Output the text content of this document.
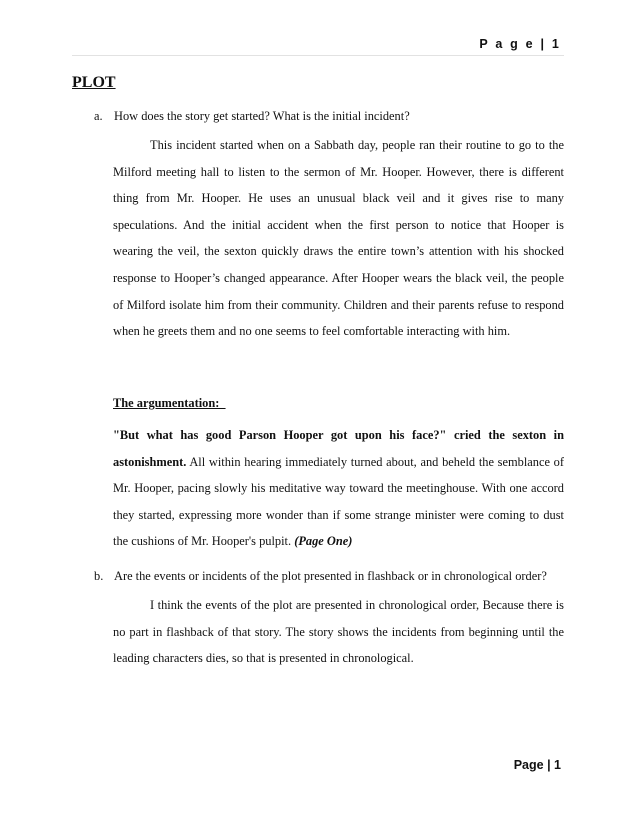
P a g e | 1
PLOT
a. How does the story get started? What is the initial incident?

This incident started when on a Sabbath day, people ran their routine to go to the Milford meeting hall to listen to the sermon of Mr. Hooper. However, there is different thing from Mr. Hooper. He uses an unusual black veil and it gives rise to many speculations. And the initial accident when the first person to notice that Hooper is wearing the veil, the sexton quickly draws the entire town’s attention with his shocked response to Hooper’s changed appearance. After Hooper wears the black veil, the people of Milford isolate him from their community. Children and their parents refuse to respond when he greets them and no one seems to feel comfortable interacting with him.

The argumentation:

"But what has good Parson Hooper got upon his face?" cried the sexton in astonishment. All within hearing immediately turned about, and beheld the semblance of Mr. Hooper, pacing slowly his meditative way toward the meetinghouse. With one accord they started, expressing more wonder than if some strange minister were coming to dust the cushions of Mr. Hooper's pulpit. (Page One)

b. Are the events or incidents of the plot presented in flashback or in chronological order?

I think the events of the plot are presented in chronological order, Because there is no part in flashback of that story. The story shows the incidents from beginning until the leading characters dies, so that is presented in chronological.

Page | 1
